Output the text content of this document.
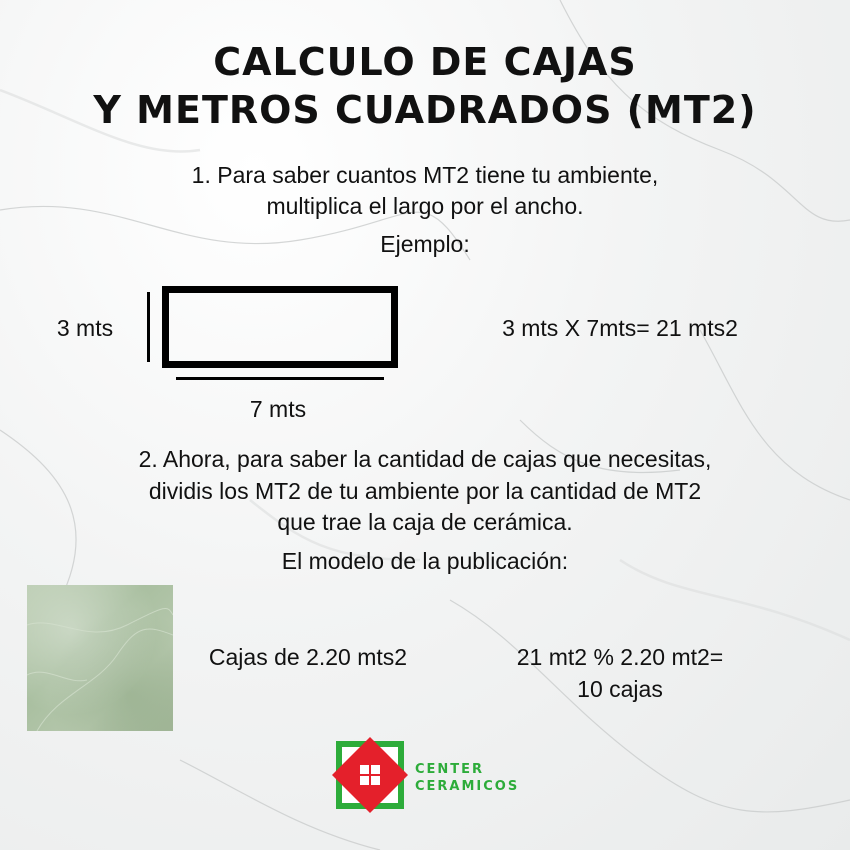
CALCULO DE CAJAS
Y METROS CUADRADOS (MT2)
1. Para saber cuantos MT2 tiene tu ambiente,
multiplica el largo por el ancho.
Ejemplo:
3 mts
7 mts
3 mts X 7mts= 21 mts2
2. Ahora, para saber la cantidad de cajas que necesitas,
dividis los MT2 de tu ambiente por la cantidad de MT2
que trae la caja de cerámica.
El modelo de la publicación:
Cajas de 2.20 mts2	21 mt2 % 2.20 mt2=
10 cajas
CENTER
CERAMICOS
